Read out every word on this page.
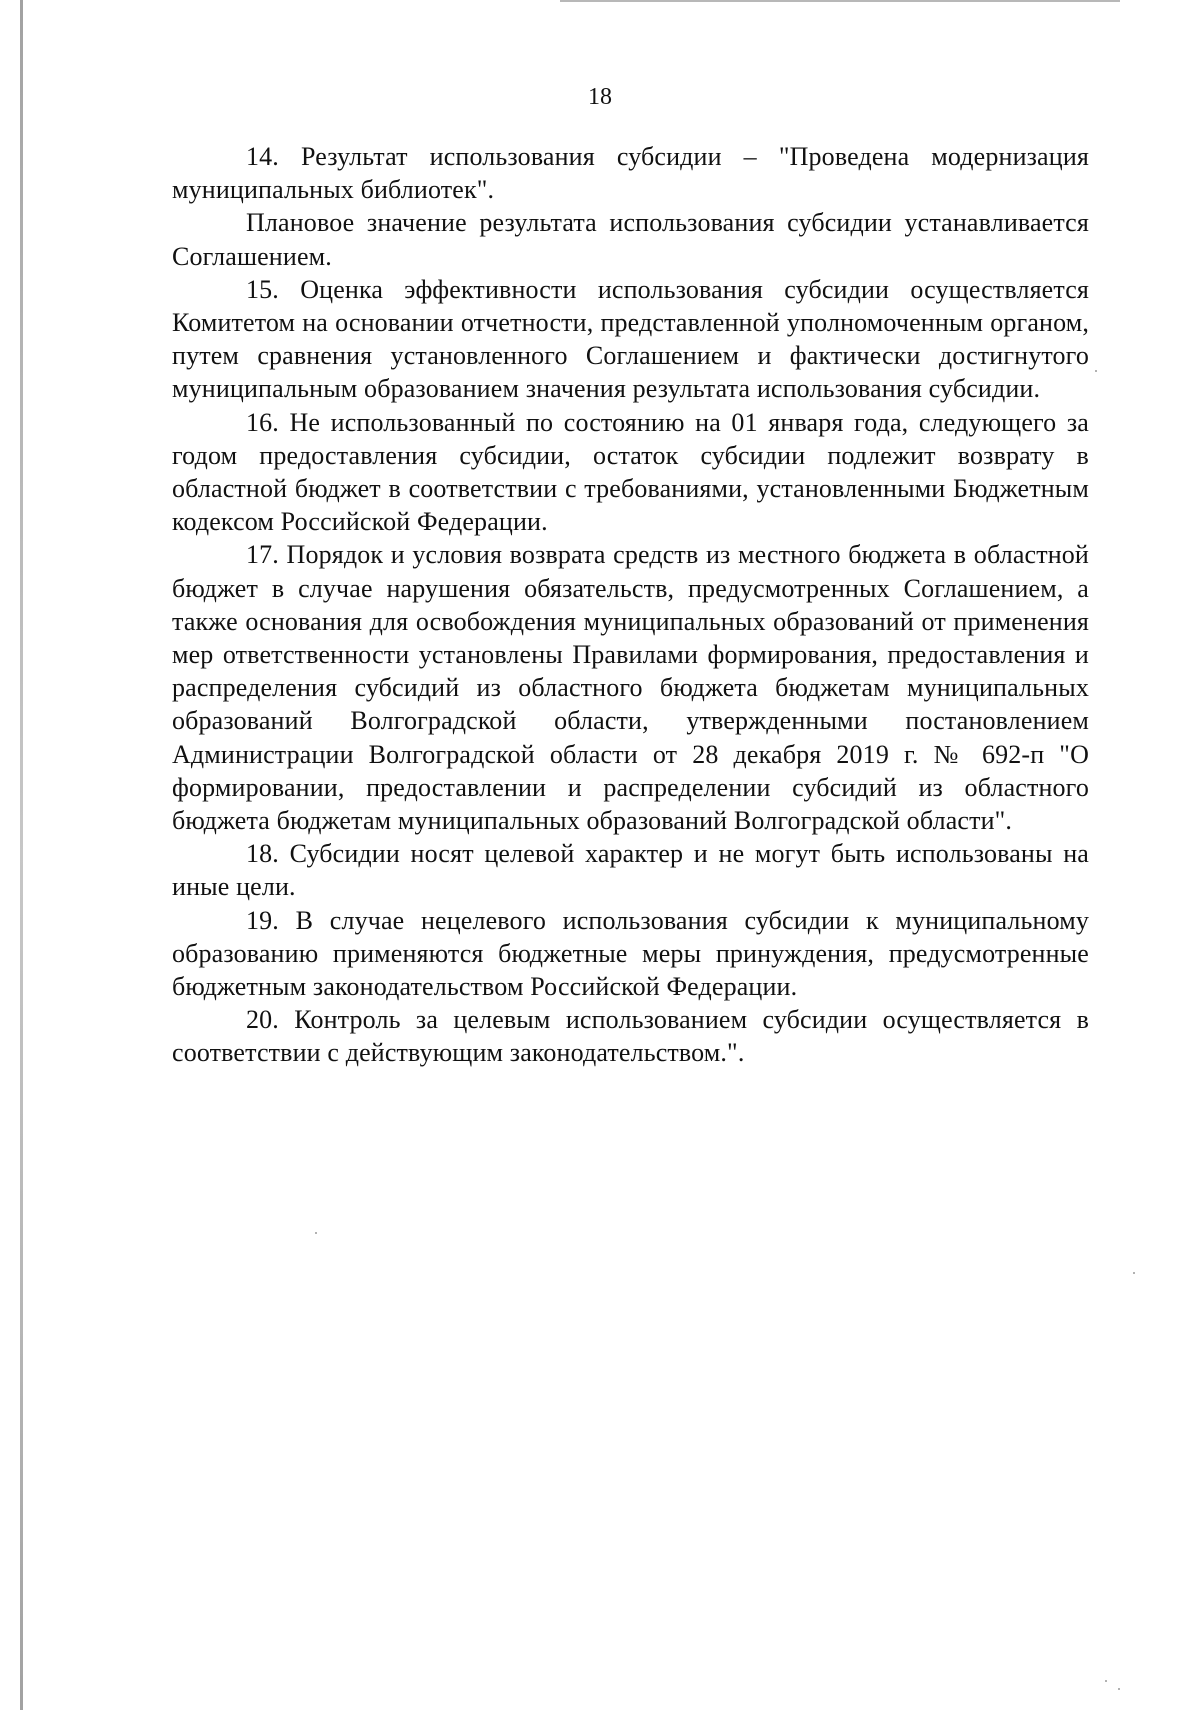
18

14. Результат использования субсидии – "Проведена модернизация муниципальных библиотек".

Плановое значение результата использования субсидии устанавливается Соглашением.

15. Оценка эффективности использования субсидии осуществляется Комитетом на основании отчетности, представленной уполномоченным органом, путем сравнения установленного Соглашением и фактически достигнутого муниципальным образованием значения результата использования субсидии.

16. Не использованный по состоянию на 01 января года, следующего за годом предоставления субсидии, остаток субсидии подлежит возврату в областной бюджет в соответствии с требованиями, установленными Бюджетным кодексом Российской Федерации.

17. Порядок и условия возврата средств из местного бюджета в областной бюджет в случае нарушения обязательств, предусмотренных Соглашением, а также основания для освобождения муниципальных образований от применения мер ответственности установлены Правилами формирования, предоставления и распределения субсидий из областного бюджета бюджетам муниципальных образований Волгоградской области, утвержденными постановлением Администрации Волгоградской области от 28 декабря 2019 г. № 692-п "О формировании, предоставлении и распределении субсидий из областного бюджета бюджетам муниципальных образований Волгоградской области".

18. Субсидии носят целевой характер и не могут быть использованы на иные цели.

19. В случае нецелевого использования субсидии к муниципальному образованию применяются бюджетные меры принуждения, предусмотренные бюджетным законодательством Российской Федерации.

20. Контроль за целевым использованием субсидии осуществляется в соответствии с действующим законодательством.".
